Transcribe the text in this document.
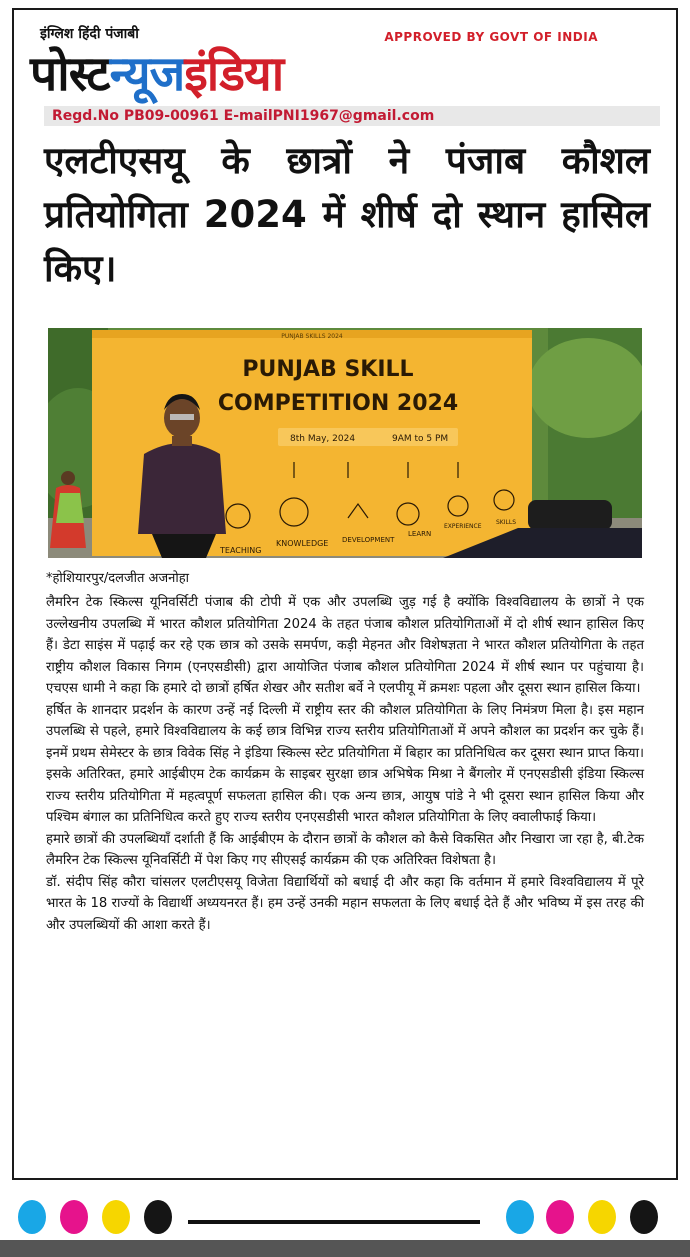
इंग्लिश हिंदी पंजाबी	APPROVED BY GOVT OF INDIA
पोस्टन्यूजइंडिया
Regd.No PB09-00961 E-mailPNI1967@gmail.com
एलटीएसयू के छात्रों ने पंजाब कौशल प्रतियोगिता 2024 में शीर्ष दो स्थान हासिल किए।
PUNJAB SKILLS 2024
PUNJAB SKILL
COMPETITION 2024
8th May, 2024	9AM to 5 PM
TEACHING
KNOWLEDGE DEVELOPMENT
LEARN
EXPERIENCE
SKILLS
*होशियारपुर/दलजीत अजनोहा

लैमरिन टेक स्किल्स यूनिवर्सिटी पंजाब की टोपी में एक और उपलब्धि जुड़ गई है क्योंकि विश्वविद्यालय के छात्रों ने एक उल्लेखनीय उपलब्धि में भारत कौशल प्रतियोगिता 2024 के तहत पंजाब कौशल प्रतियोगिताओं में दो शीर्ष स्थान हासिल किए हैं। डेटा साइंस में पढ़ाई कर रहे एक छात्र को उसके समर्पण, कड़ी मेहनत और विशेषज्ञता ने भारत कौशल प्रतियोगिता के तहत राष्ट्रीय कौशल विकास निगम (एनएसडीसी) द्वारा आयोजित पंजाब कौशल प्रतियोगिता 2024 में शीर्ष स्थान पर पहुंचाया है। एचएस धामी ने कहा कि हमारे दो छात्रों हर्षित शेखर और सतीश बर्वे ने एलपीयू में क्रमशः पहला और दूसरा स्थान हासिल किया।

हर्षित के शानदार प्रदर्शन के कारण उन्हें नई दिल्ली में राष्ट्रीय स्तर की कौशल प्रतियोगिता के लिए निमंत्रण मिला है। इस महान उपलब्धि से पहले, हमारे विश्वविद्यालय के कई छात्र विभिन्न राज्य स्तरीय प्रतियोगिताओं में अपने कौशल का प्रदर्शन कर चुके हैं। इनमें प्रथम सेमेस्टर के छात्र विवेक सिंह ने इंडिया स्किल्स स्टेट प्रतियोगिता में बिहार का प्रतिनिधित्व कर दूसरा स्थान प्राप्त किया। इसके अतिरिक्त, हमारे आईबीएम टेक कार्यक्रम के साइबर सुरक्षा छात्र अभिषेक मिश्रा ने बैंगलोर में एनएसडीसी इंडिया स्किल्स राज्य स्तरीय प्रतियोगिता में महत्वपूर्ण सफलता हासिल की। एक अन्य छात्र, आयुष पांडे ने भी दूसरा स्थान हासिल किया और पश्चिम बंगाल का प्रतिनिधित्व करते हुए राज्य स्तरीय एनएसडीसी भारत कौशल प्रतियोगिता के लिए क्वालीफाई किया।

हमारे छात्रों की उपलब्धियाँ दर्शाती हैं कि आईबीएम के दौरान छात्रों के कौशल को कैसे विकसित और निखारा जा रहा है, बी.टेक लैमरिन टेक स्किल्स यूनिवर्सिटी में पेश किए गए सीएसई कार्यक्रम की एक अतिरिक्त विशेषता है।

डॉ. संदीप सिंह कौरा चांसलर एलटीएसयू विजेता विद्यार्थियों को बधाई दी और कहा कि वर्तमान में हमारे विश्वविद्यालय में पूरे भारत के 18 राज्यों के विद्यार्थी अध्ययनरत हैं। हम उन्हें उनकी महान सफलता के लिए बधाई देते हैं और भविष्य में इस तरह की और उपलब्धियों की आशा करते हैं।
